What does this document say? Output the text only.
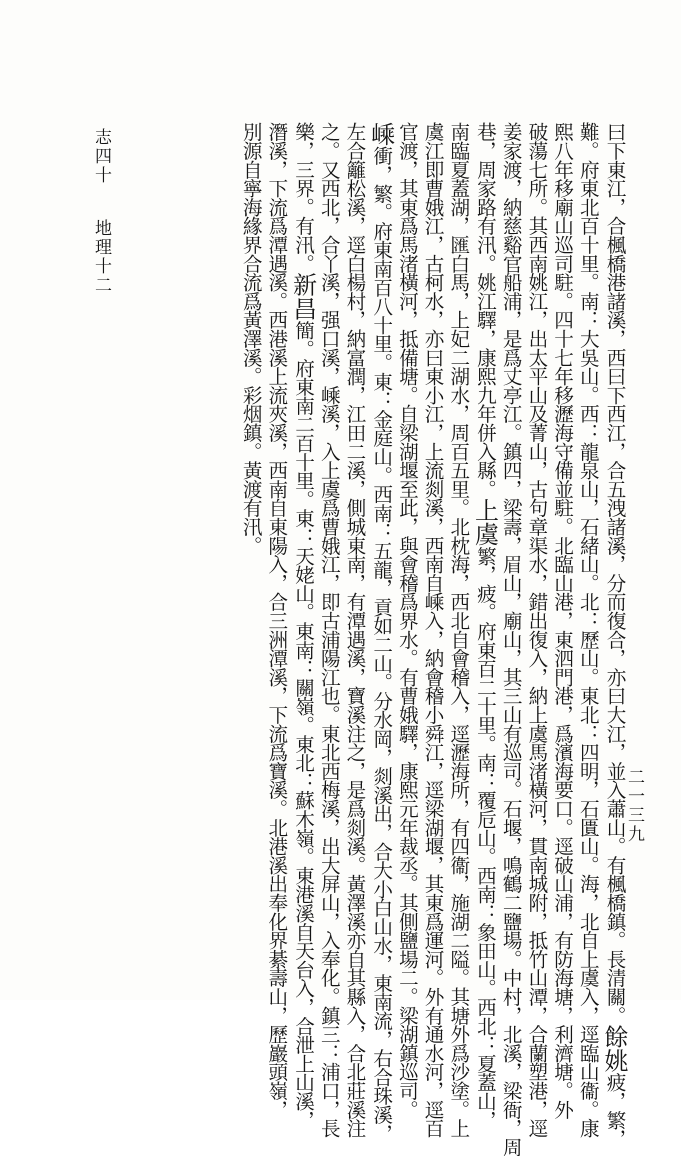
志四十地理十二	曰下東江，合楓橋港諸溪，西曰下西江，合五洩諸溪，分而復合，亦曰大江，並入蕭山。有楓橋鎮。長清關。餘姚疲，繁，
難。府東北百十里。南：大吳山。西：龍泉山，石緒山。北：歷山。東北：四明，石匱山。海，北自上虞入，逕臨山衞。康
熙八年移廟山巡司駐。四十七年移瀝海守備並駐。北臨山港，東泗門港，爲濱海要口。逕破山浦，有防海塘，利濟塘。外
破蕩七所。其西南姚江，出太平山及菁山，古句章渠水，錯出復入，納上虞馬渚橫河，貫南城附，抵竹山潭，合蘭塑港，逕
姜家渡，納慈谿官船浦，是爲丈亭江。鎮四，梁壽，眉山，廟山，其三山有巡司。石堰，鳴鶴二鹽場。中村，北溪，梁衙，周
巷，周家路有汛。姚江驛，康熙九年併入縣。上虞繁，疲。府東百二十里。南：覆卮山。西南：象田山。西北：夏蓋山，
南臨夏蓋湖，匯白馬，上妃二湖水，周百五里。北枕海，西北自會稽入，逕瀝海所，有四衞，施湖二隘。其塘外爲沙塗。上
虞江即曹娥江，古柯水，亦曰東小江，上流剡溪，西南自嵊入，納會稽小舜江，逕梁湖堰，其東爲運河。外有通水河，逕百
官渡，其東爲馬渚橫河，抵備塘。自梁湖堰至此，與會稽爲界水。有曹娥驛，康熙元年裁丞。其側鹽場二。梁湖鎮巡司。
嵊衝，繁。府東南百八十里。東：金庭山。西南：五龍，貢如二山。分水岡，剡溪出，合大小白山水，東南流，右合珠溪，
左合籬松溪，逕白楊村，納富潤，江田二溪，側城東南，有潭遇溪，寶溪注之，是爲剡溪。黃澤溪亦自其縣入，合北莊溪注
之。又西北，合丫溪，强口溪，嵊溪，入上虞爲曹娥江，即古浦陽江也。東北西梅溪，出大屏山，入奉化。鎮三：浦口，長
樂，三界。有汛。新昌簡。府東南二百十里。東：天姥山。東南：關嶺。東北：蘇木嶺。東港溪自天台入，合泄上山溪，
潛溪，下流爲潭遇溪。西港溪上流夾溪，西南自東陽入，合三洲潭溪，下流爲寶溪。北港溪出奉化界綦壽山，歷巖頭嶺，
別源自寧海緣界合流爲黃澤溪。彩烟鎮。黃渡有汛。
二一三九
